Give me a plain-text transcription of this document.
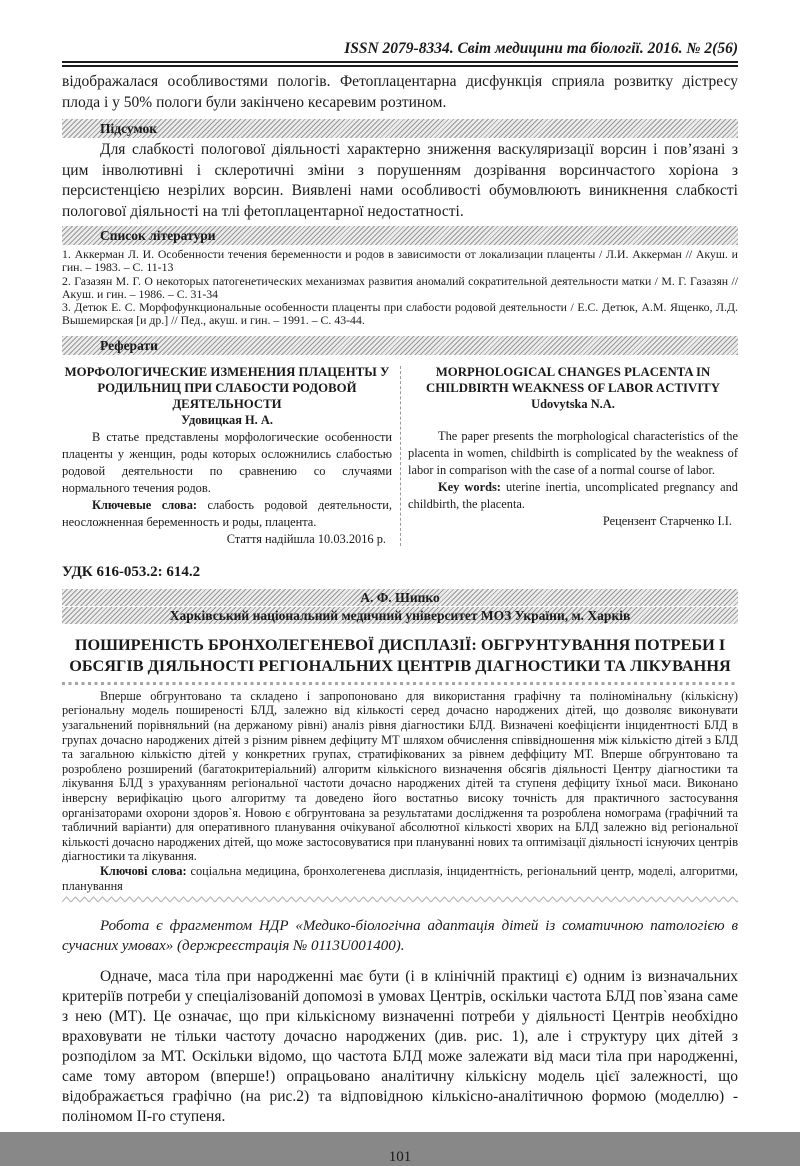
ISSN 2079-8334. Світ медицини та біології. 2016. № 2(56)

відображалася особливостями пологів. Фетоплацентарна дисфункція сприяла розвитку дістресу плода і у 50% пологи були закінчено кесаревим розтином.

Підсумок

Для слабкості пологової діяльності характерно зниження васкуляризації ворсин і пов’язані з цим інволютивні і склеротичні зміни з порушенням дозрівання ворсинчастого хоріона з персистенцією незрілих ворсин. Виявлені нами особливості обумовлюють виникнення слабкості пологової діяльності на тлі фетоплацентарної недостатності.

Список літератури
1. Аккерман Л. И. Особенности течения беременности и родов в зависимости от локализации плаценты / Л.И. Аккерман // Акуш. и гин. – 1983. – С. 11-13
2. Газазян М. Г. О некоторых патогенетических механизмах развития аномалий сократительной деятельности матки / М. Г. Газазян // Акуш. и гин. – 1986. – С. 31-34
3. Детюк Е. С. Морфофункциональные особенности плаценты при слабости родовой деятельности / Е.С. Детюк, А.М. Ященко, Л.Д. Вышемирская [и др.] // Пед., акуш. и гин. – 1991. – С. 43-44.
Реферати
МОРФОЛОГИЧЕСКИЕ ИЗМЕНЕНИЯ ПЛАЦЕНТЫ У РОДИЛЬНИЦ ПРИ СЛАБОСТИ РОДОВОЙ ДЕЯТЕЛЬНОСТИ
Удовицкая Н. А.

В статье представлены морфологические особенности плаценты у женщин, роды которых осложнились слабостью родовой деятельности по сравнению со случаями нормального течения родов.

Ключевые слова: слабость родовой деятельности, неосложненная беременность и роды, плацента.

Стаття надійшла 10.03.2016 р.
MORPHOLOGICAL CHANGES PLACENTA IN CHILDBIRTH WEAKNESS OF LABOR ACTIVITY
Udovytska N.A.

The paper presents the morphological characteristics of the placenta in women, childbirth is complicated by the weakness of labor in comparison with the case of a normal course of labor.

Key words: uterine inertia, uncomplicated pregnancy and childbirth, the placenta.

Рецензент Старченко І.І.
УДК 616-053.2: 614.2
А. Ф. Шипко
Харківський національний медичний університет МОЗ України, м. Харків
ПОШИРЕНІСТЬ БРОНХОЛЕГЕНЕВОЇ ДИСПЛАЗІЇ: ОБГРУНТУВАННЯ ПОТРЕБИ І ОБСЯГІВ ДІЯЛЬНОСТІ РЕГІОНАЛЬНИХ ЦЕНТРІВ ДІАГНОСТИКИ ТА ЛІКУВАННЯ

Вперше обгрунтовано та складено і запропоновано для використання графічну та поліномінальну (кількісну) регіональну модель поширеності БЛД, залежно від кількості серед дочасно народжених дітей, що дозволяє виконувати узагальнений порівняльний (на держаному рівні) аналіз рівня діагностики БЛД. Визначені коефіцієнти інцидентності БЛД в групах дочасно народжених дітей з різним рівнем дефіциту МТ шляхом обчислення співвідношення між кількістю дітей з БЛД та загальною кількістю дітей у конкретних групах, стратифікованих за рівнем деффіциту МТ. Вперше обгрунтовано та розроблено розширений (багатокритеріальний) алгоритм кількісного визначення обсягів діяльності Центру діагностики та лікування БЛД з урахуванням регіональної частоти дочасно народжених дітей та ступеня дефіциту їхньої маси. Виконано інверсну верифікацію цього алгоритму та доведено його востатньо високу точність для практичного застосування організаторами охорони здоров`я. Новою є обгрунтована за результатами дослідження та розроблена номограма (графічний та табличний варіанти) для оперативного планування очікуваної абсолютної кількості хворих на БЛД залежно від регіональної кількості дочасно народжених дітей, що може застосовуватися при плануванні нових та оптимізації діяльності існуючих центрів діагностики та лікування.

Ключові слова: соціальна медицина, бронхолегенева дисплазія, інцидентність, регіональний центр, моделі, алгоритми, планування

Робота є фрагментом НДР «Медико-біологічна адаптація дітей із соматичною патологією в сучасних умовах» (держреєстрація № 0113U001400).

Одначе, маса тіла при народженні має бути (і в клінічній практиці є) одним із визначальних критеріїв потреби у спеціалізованій допомозі в умовах Центрів, оскільки частота БЛД пов`язана саме з нею (МТ). Це означає, що при кількісному визначенні потреби у діяльності Центрів необхідно враховувати не тільки частоту дочасно народжених (див. рис. 1), але і структуру цих дітей з розподілом за МТ. Оскільки відомо, що частота БЛД може залежати від маси тіла при народженні, саме тому автором (вперше!) опрацьовано аналітичну кількісну модель цієї залежності, що відображається графічно (на рис.2) та відповідною кількісно-аналітичною формою (моделлю) - поліномом ІІ-го ступеня.

101
